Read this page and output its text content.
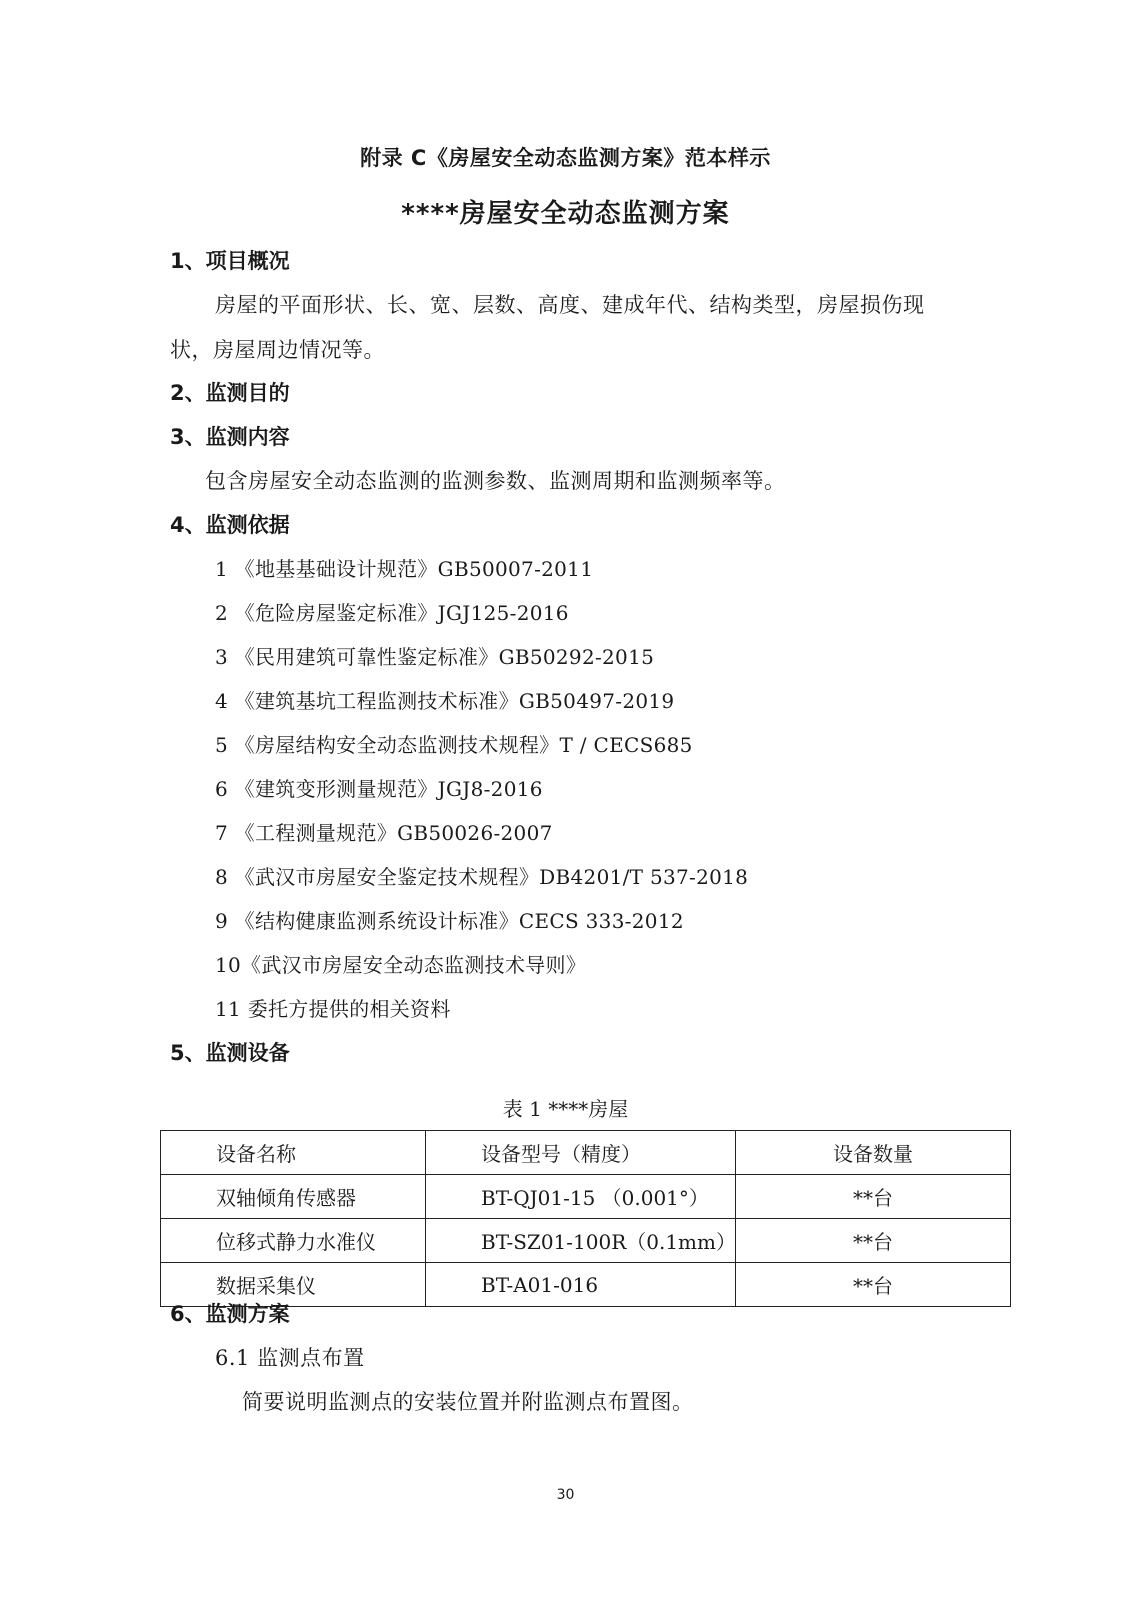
附录 C《房屋安全动态监测方案》范本样示
****房屋安全动态监测方案
1、项目概况
房屋的平面形状、长、宽、层数、高度、建成年代、结构类型，房屋损伤现
状，房屋周边情况等。
2、监测目的
3、监测内容
包含房屋安全动态监测的监测参数、监测周期和监测频率等。
4、监测依据
1 《地基基础设计规范》GB50007-2011
2 《危险房屋鉴定标准》JGJ125-2016
3 《民用建筑可靠性鉴定标准》GB50292-2015
4 《建筑基坑工程监测技术标准》GB50497-2019
5 《房屋结构安全动态监测技术规程》T / CECS685
6 《建筑变形测量规范》JGJ8-2016
7 《工程测量规范》GB50026-2007
8 《武汉市房屋安全鉴定技术规程》DB4201/T 537-2018
9 《结构健康监测系统设计标准》CECS 333-2012
10《武汉市房屋安全动态监测技术导则》
11 委托方提供的相关资料
5、监测设备
表 1 ****房屋
设备名称	设备型号（精度）	设备数量
双轴倾角传感器	BT-QJ01-15 （0.001°）	**台
位移式静力水准仪	BT-SZ01-100R（0.1mm）	**台
数据采集仪	BT-A01-016	**台
6、监测方案
6.1 监测点布置
简要说明监测点的安装位置并附监测点布置图。
30
